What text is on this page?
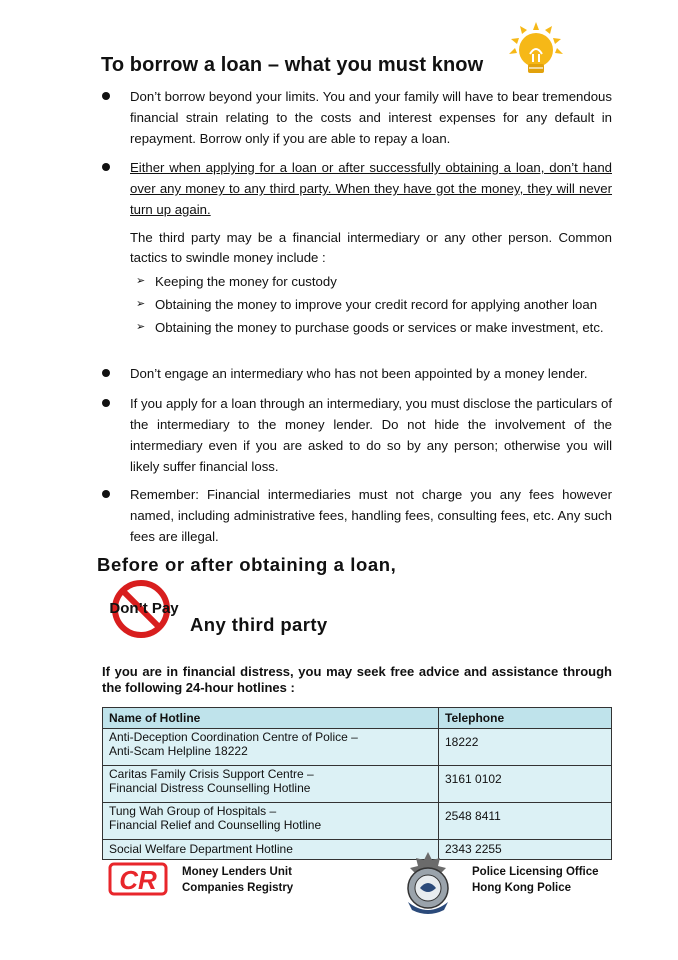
To borrow a loan – what you must know
Don’t borrow beyond your limits. You and your family will have to bear tremendous financial strain relating to the costs and interest expenses for any default in repayment. Borrow only if you are able to repay a loan.
Either when applying for a loan or after successfully obtaining a loan, don’t hand over any money to any third party. When they have got the money, they will never turn up again.
The third party may be a financial intermediary or any other person. Common tactics to swindle money include :
➢ Keeping the money for custody
➢ Obtaining the money to improve your credit record for applying another loan
➢ Obtaining the money to purchase goods or services or make investment, etc.
Don’t engage an intermediary who has not been appointed by a money lender.
If you apply for a loan through an intermediary, you must disclose the particulars of the intermediary to the money lender. Do not hide the involvement of the intermediary even if you are asked to do so by any person; otherwise you will likely suffer financial loss.
Remember: Financial intermediaries must not charge you any fees however named, including administrative fees, handling fees, consulting fees, etc. Any such fees are illegal.
Before or after obtaining a loan,
Don’t Pay
Any third party
If you are in financial distress, you may seek free advice and assistance through the following 24-hour hotlines :
Name of Hotline	Telephone
Anti-Deception Coordination Centre of Police –
Anti-Scam Helpline 18222	18222
Caritas Family Crisis Support Centre –
Financial Distress Counselling Hotline	3161 0102
Tung Wah Group of Hospitals –
Financial Relief and Counselling Hotline	2548 8411
Social Welfare Department Hotline	2343 2255
CR Money Lenders Unit
Companies Registry
Police Licensing Office
Hong Kong Police
